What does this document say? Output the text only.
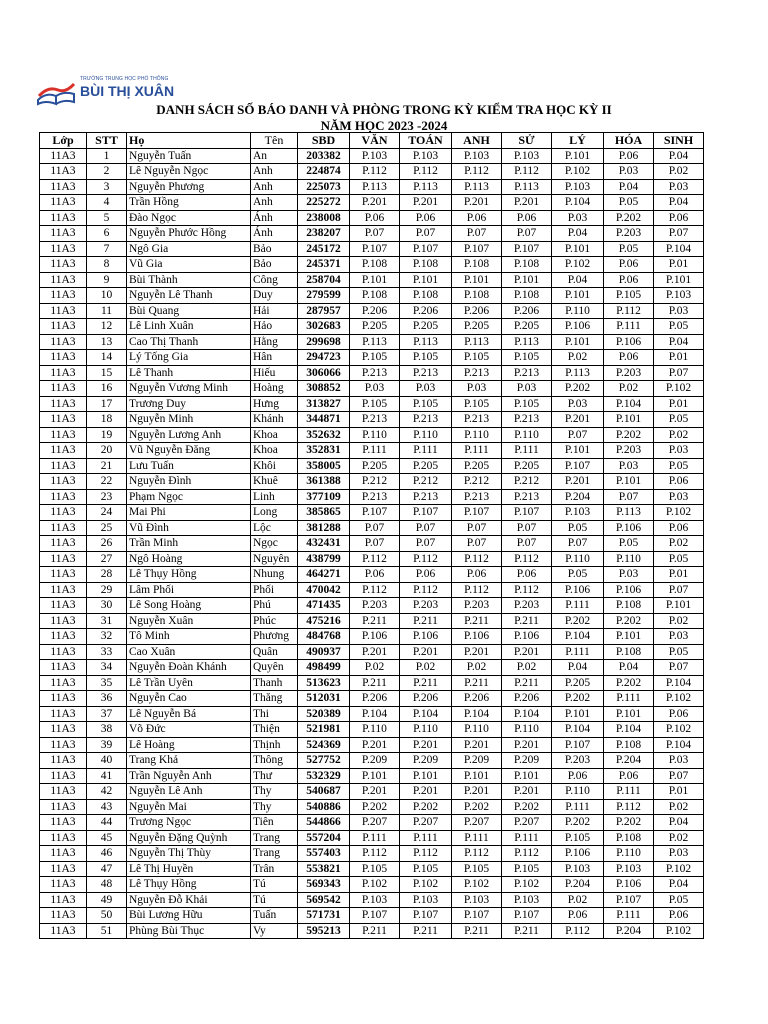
TRƯỜNG TRUNG HỌC PHỔ THÔNG
BÙI THỊ XUÂN
DANH SÁCH SỐ BÁO DANH VÀ PHÒNG TRONG KỲ KIỂM TRA HỌC KỲ II
NĂM HỌC 2023 -2024
Lớp	STT	Họ	Tên	SBD	VĂN	TOÁN	ANH	SỬ	LÝ	HÓA	SINH
11A3	1	Nguyễn Tuấn	An	203382	P.103	P.103	P.103	P.103	P.101	P.06	P.04
11A3	2	Lê Nguyễn Ngọc	Anh	224874	P.112	P.112	P.112	P.112	P.102	P.03	P.02
11A3	3	Nguyễn Phương	Anh	225073	P.113	P.113	P.113	P.113	P.103	P.04	P.03
11A3	4	Trần Hồng	Anh	225272	P.201	P.201	P.201	P.201	P.104	P.05	P.04
11A3	5	Đào Ngọc	Ánh	238008	P.06	P.06	P.06	P.06	P.03	P.202	P.06
11A3	6	Nguyễn Phước Hồng	Ánh	238207	P.07	P.07	P.07	P.07	P.04	P.203	P.07
11A3	7	Ngô Gia	Bảo	245172	P.107	P.107	P.107	P.107	P.101	P.05	P.104
11A3	8	Vũ Gia	Bảo	245371	P.108	P.108	P.108	P.108	P.102	P.06	P.01
11A3	9	Bùi Thành	Công	258704	P.101	P.101	P.101	P.101	P.04	P.06	P.101
11A3	10	Nguyễn Lê Thanh	Duy	279599	P.108	P.108	P.108	P.108	P.101	P.105	P.103
11A3	11	Bùi Quang	Hải	287957	P.206	P.206	P.206	P.206	P.110	P.112	P.03
11A3	12	Lê Linh Xuân	Hảo	302683	P.205	P.205	P.205	P.205	P.106	P.111	P.05
11A3	13	Cao Thị Thanh	Hằng	299698	P.113	P.113	P.113	P.113	P.101	P.106	P.04
11A3	14	Lý Tống Gia	Hân	294723	P.105	P.105	P.105	P.105	P.02	P.06	P.01
11A3	15	Lê Thanh	Hiếu	306066	P.213	P.213	P.213	P.213	P.113	P.203	P.07
11A3	16	Nguyễn Vương Minh	Hoàng	308852	P.03	P.03	P.03	P.03	P.202	P.02	P.102
11A3	17	Trương Duy	Hưng	313827	P.105	P.105	P.105	P.105	P.03	P.104	P.01
11A3	18	Nguyễn Minh	Khánh	344871	P.213	P.213	P.213	P.213	P.201	P.101	P.05
11A3	19	Nguyễn Lương Anh	Khoa	352632	P.110	P.110	P.110	P.110	P.07	P.202	P.02
11A3	20	Vũ Nguyễn Đăng	Khoa	352831	P.111	P.111	P.111	P.111	P.101	P.203	P.03
11A3	21	Lưu Tuấn	Khôi	358005	P.205	P.205	P.205	P.205	P.107	P.03	P.05
11A3	22	Nguyễn Đình	Khuê	361388	P.212	P.212	P.212	P.212	P.201	P.101	P.06
11A3	23	Phạm Ngọc	Linh	377109	P.213	P.213	P.213	P.213	P.204	P.07	P.03
11A3	24	Mai Phi	Long	385865	P.107	P.107	P.107	P.107	P.103	P.113	P.102
11A3	25	Vũ Đình	Lộc	381288	P.07	P.07	P.07	P.07	P.05	P.106	P.06
11A3	26	Trần Minh	Ngọc	432431	P.07	P.07	P.07	P.07	P.07	P.05	P.02
11A3	27	Ngô Hoàng	Nguyên	438799	P.112	P.112	P.112	P.112	P.110	P.110	P.05
11A3	28	Lê Thụy Hồng	Nhung	464271	P.06	P.06	P.06	P.06	P.05	P.03	P.01
11A3	29	Lâm Phối	Phối	470042	P.112	P.112	P.112	P.112	P.106	P.106	P.07
11A3	30	Lê Song Hoàng	Phú	471435	P.203	P.203	P.203	P.203	P.111	P.108	P.101
11A3	31	Nguyễn Xuân	Phúc	475216	P.211	P.211	P.211	P.211	P.202	P.202	P.02
11A3	32	Tô Minh	Phương	484768	P.106	P.106	P.106	P.106	P.104	P.101	P.03
11A3	33	Cao Xuân	Quân	490937	P.201	P.201	P.201	P.201	P.111	P.108	P.05
11A3	34	Nguyễn Đoàn Khánh	Quyên	498499	P.02	P.02	P.02	P.02	P.04	P.04	P.07
11A3	35	Lê Trần Uyên	Thanh	513623	P.211	P.211	P.211	P.211	P.205	P.202	P.104
11A3	36	Nguyễn Cao	Thăng	512031	P.206	P.206	P.206	P.206	P.202	P.111	P.102
11A3	37	Lê Nguyễn Bá	Thi	520389	P.104	P.104	P.104	P.104	P.101	P.101	P.06
11A3	38	Võ Đức	Thiện	521981	P.110	P.110	P.110	P.110	P.104	P.104	P.102
11A3	39	Lê Hoàng	Thịnh	524369	P.201	P.201	P.201	P.201	P.107	P.108	P.104
11A3	40	Trang Khả	Thông	527752	P.209	P.209	P.209	P.209	P.203	P.204	P.03
11A3	41	Trần Nguyễn Anh	Thư	532329	P.101	P.101	P.101	P.101	P.06	P.06	P.07
11A3	42	Nguyễn Lê Anh	Thy	540687	P.201	P.201	P.201	P.201	P.110	P.111	P.01
11A3	43	Nguyễn Mai	Thy	540886	P.202	P.202	P.202	P.202	P.111	P.112	P.02
11A3	44	Trương Ngọc	Tiên	544866	P.207	P.207	P.207	P.207	P.202	P.202	P.04
11A3	45	Nguyễn Đặng Quỳnh	Trang	557204	P.111	P.111	P.111	P.111	P.105	P.108	P.02
11A3	46	Nguyễn Thị Thùy	Trang	557403	P.112	P.112	P.112	P.112	P.106	P.110	P.03
11A3	47	Lê Thị Huyền	Trân	553821	P.105	P.105	P.105	P.105	P.103	P.103	P.102
11A3	48	Lê Thụy Hồng	Tú	569343	P.102	P.102	P.102	P.102	P.204	P.106	P.04
11A3	49	Nguyễn Đỗ Khải	Tú	569542	P.103	P.103	P.103	P.103	P.02	P.107	P.05
11A3	50	Bùi Lương Hữu	Tuấn	571731	P.107	P.107	P.107	P.107	P.06	P.111	P.06
11A3	51	Phùng Bùi Thục	Vy	595213	P.211	P.211	P.211	P.211	P.112	P.204	P.102
